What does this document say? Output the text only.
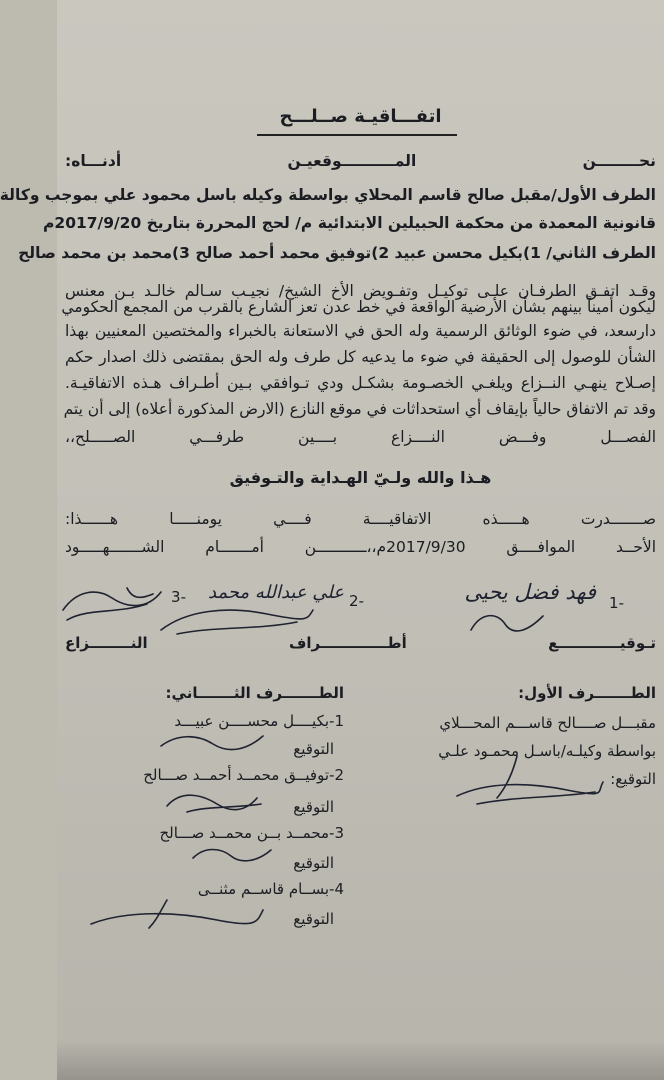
اتفـــاقيـة صــلـــح
نحــــــــن المــــــــــوقعيـن أدنـــاه:
الطرف الأول/مقبل صالح قاسم المحلاي بواسطة وكيله باسل محمود علي بموجب وكالة
قانونية المعمدة من محكمة الحبيلين الابتدائية م/ لحج المحررة بتاريخ 2017/9/20م
الطرف الثاني/ 1)بكيل محسن عبيد 2)توفيق محمد أحمد صالح 3)محمد بن محمد صالح
وقـد اتفـق الطرفـان علـى توكيـل وتفـويض الأخ الشيخ/ نجيـب سـالم خالـد بـن معنس
ليكون أميناً بينهم بشأن الأرضية الواقعة في خط عدن تعز الشارع بالقرب من المجمع الحكومي
دارسعد، في ضوء الوثائق الرسمية وله الحق في الاستعانة بالخبراء والمختصين المعنيين بهذا
الشأن للوصول إلى الحقيقة في ضوء ما يدعيه كل طرف وله الحق بمقتضى ذلك اصدار حكم
إصـلاح ينهـي النــزاع ويلغـي الخصـومة بشكـل ودي تـوافقي بـين أطـراف هـذه الاتفاقيـة.
وقد تم الاتفاق حالياً بإيقاف أي استحداثات في موقع النازع (الارض المذكورة أعلاه) إلى أن يتم
الفصـــل وفـــض النــــزاع بــــين طرفـــي الصـــــلح،،
هـذا والله ولـيّ الهـداية والتـوفيق
صـــــــدرت هـــــذه الاتفاقيــــة فــــي يومنـــــا هــــــذا:
الأحــد الموافــــق 2017/9/30م،،ـــــــــــن أمـــــــام الشـــــــهـــــود
-1
فهد فضل يحيى
-2
علي عبدالله محمد
-3
تـوقيــــــــــــع أطـــــــــــــراف النــــــــزاع
الطـــــــرف الأول:
مقبـــل صــــالح قاســـم المحـــلاي
بواسطة وكيلـه/باسـل محمـود علـي
التوقيع:
الطـــــــرف الثـــــــاني:
1-بكيــــل محســــن عبيـــد
التوقيع
2-توفيــق محمــد أحمــد صـــالح
التوقيع
3-محمــد بــن محمــد صـــالح
التوقيع
4-بســام قاســم مثنــى
التوقيع
